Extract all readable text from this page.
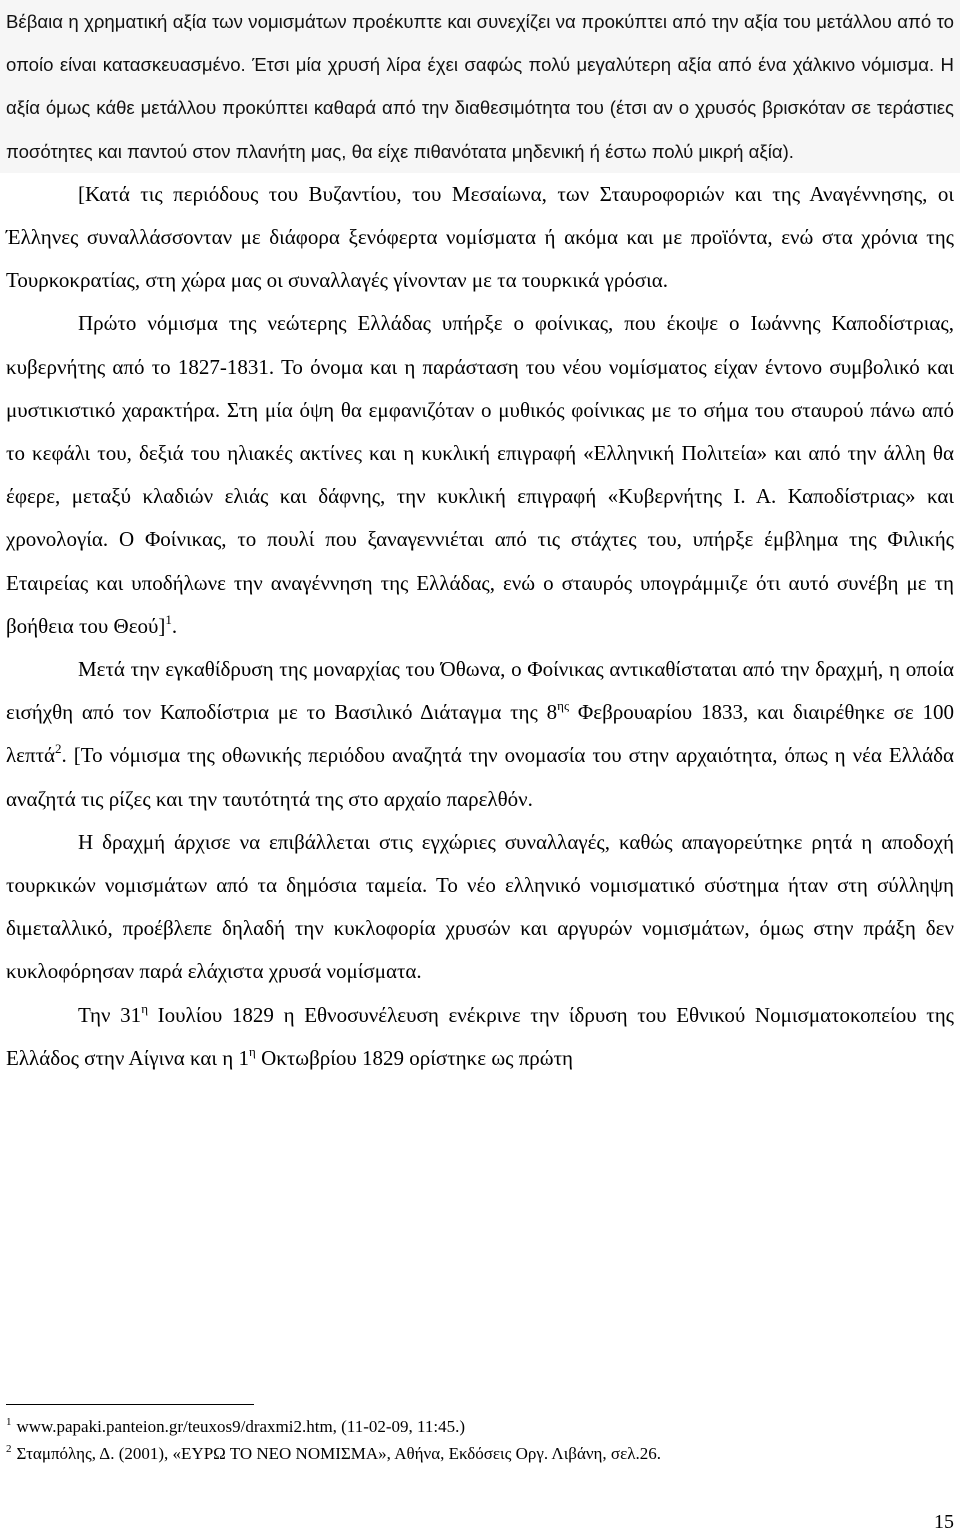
Βέβαια η χρηματική αξία των νομισμάτων προέκυπτε και συνεχίζει να προκύπτει από την αξία του μετάλλου από το οποίο είναι κατασκευασμένο. Έτσι μία χρυσή λίρα έχει σαφώς πολύ μεγαλύτερη αξία από ένα χάλκινο νόμισμα. Η αξία όμως κάθε μετάλλου προκύπτει καθαρά από την διαθεσιμότητα του (έτσι αν ο χρυσός βρισκόταν σε τεράστιες ποσότητες και παντού στον πλανήτη μας, θα είχε πιθανότατα μηδενική ή έστω πολύ μικρή αξία).

[Κατά τις περιόδους του Βυζαντίου, του Μεσαίωνα, των Σταυροφοριών και της Αναγέννησης, οι Έλληνες συναλλάσσονταν με διάφορα ξενόφερτα νομίσματα ή ακόμα και με προϊόντα, ενώ στα χρόνια της Τουρκοκρατίας, στη χώρα μας οι συναλλαγές γίνονταν με τα τουρκικά γρόσια.

Πρώτο νόμισμα της νεώτερης Ελλάδας υπήρξε ο φοίνικας, που έκοψε ο Ιωάννης Καποδίστριας, κυβερνήτης από το 1827-1831. Το όνομα και η παράσταση του νέου νομίσματος είχαν έντονο συμβολικό και μυστικιστικό χαρακτήρα. Στη μία όψη θα εμφανιζόταν ο μυθικός φοίνικας με το σήμα του σταυρού πάνω από το κεφάλι του, δεξιά του ηλιακές ακτίνες και η κυκλική επιγραφή «Ελληνική Πολιτεία» και από την άλλη θα έφερε, μεταξύ κλαδιών ελιάς και δάφνης, την κυκλική επιγραφή «Κυβερνήτης Ι. Α. Καποδίστριας» και χρονολογία. Ο Φοίνικας, το πουλί που ξαναγεννιέται από τις στάχτες του, υπήρξε έμβλημα της Φιλικής Εταιρείας και υποδήλωνε την αναγέννηση της Ελλάδας, ενώ ο σταυρός υπογράμμιζε ότι αυτό συνέβη με τη βοήθεια του Θεού]$^1$.

Μετά την εγκαθίδρυση της μοναρχίας του Όθωνα, ο Φοίνικας αντικαθίσταται από την δραχμή, η οποία εισήχθη από τον Καποδίστρια με το Βασιλικό Διάταγμα της $8^{\eta\varsigma}$ Φεβρουαρίου 1833, και διαιρέθηκε σε 100 λεπτά$^2$. [Το νόμισμα της οθωνικής περιόδου αναζητά την ονομασία του στην αρχαιότητα, όπως η νέα Ελλάδα αναζητά τις ρίζες και την ταυτότητά της στο αρχαίο παρελθόν.

Η δραχμή άρχισε να επιβάλλεται στις εγχώριες συναλλαγές, καθώς απαγορεύτηκε ρητά η αποδοχή τουρκικών νομισμάτων από τα δημόσια ταμεία. Το νέο ελληνικό νομισματικό σύστημα ήταν στη σύλληψη διμεταλλικό, προέβλεπε δηλαδή την κυκλοφορία χρυσών και αργυρών νομισμάτων, όμως στην πράξη δεν κυκλοφόρησαν παρά ελάχιστα χρυσά νομίσματα.

Την $31^\eta$ Ιουλίου 1829 η Εθνοσυνέλευση ενέκρινε την ίδρυση του Εθνικού Νομισματοκοπείου της Ελλάδος στην Αίγινα και η $1^\eta$ Οκτωβρίου 1829 ορίστηκε ως πρώτη

$^1$ www.papaki.panteion.gr/teuxos9/draxmi2.htm, (11-02-09, 11:45.)
$^2$ Σταμπόλης, Δ. (2001), «ΕΥΡΩ ΤΟ ΝΕΟ ΝΟΜΙΣΜΑ», Αθήνα, Εκδόσεις Οργ. Λιβάνη, σελ.26.
15
